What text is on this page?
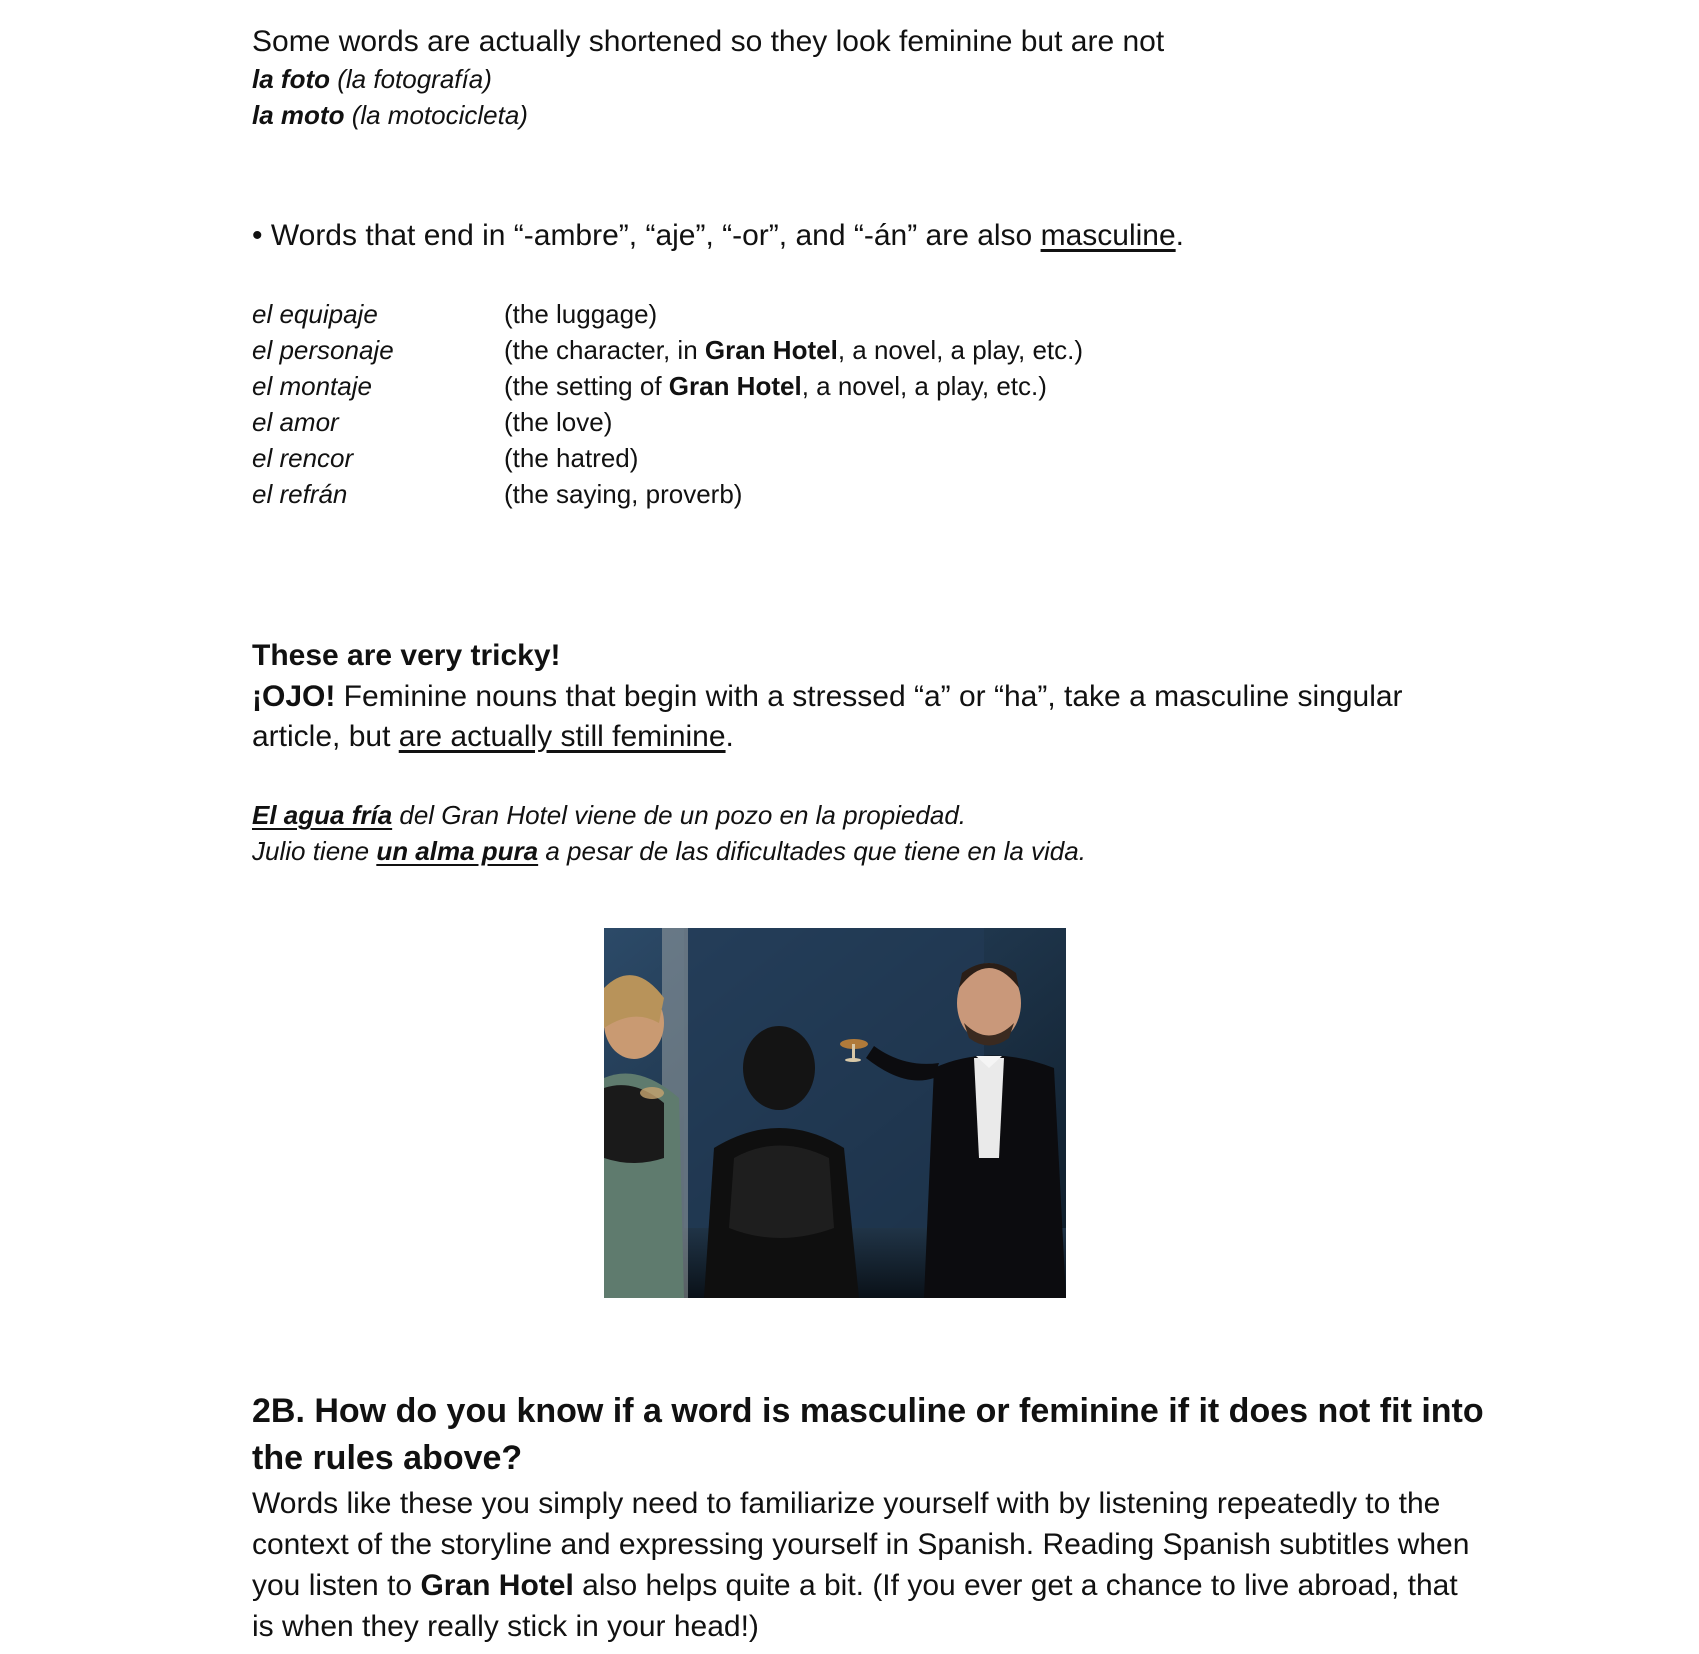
Some words are actually shortened so they look feminine but are not
la foto (la fotografía)
la moto (la motocicleta)
• Words that end in “-ambre”, “aje”, “-or”, and “-án” are also masculine.
el equipaje	(the luggage)
el personaje	(the character, in Gran Hotel, a novel, a play, etc.)
el montaje	(the setting of Gran Hotel, a novel, a play, etc.)
el amor	(the love)
el rencor	(the hatred)
el refrán	(the saying, proverb)
These are very tricky!
¡OJO! Feminine nouns that begin with a stressed “a” or “ha”, take a masculine singular
article, but are actually still feminine.
El agua fría del Gran Hotel viene de un pozo en la propiedad.
Julio tiene un alma pura a pesar de las dificultades que tiene en la vida.
2B. How do you know if a word is masculine or feminine if it does not fit into
the rules above?
Words like these you simply need to familiarize yourself with by listening repeatedly to the
context of the storyline and expressing yourself in Spanish. Reading Spanish subtitles when
you listen to Gran Hotel also helps quite a bit. (If you ever get a chance to live abroad, that
is when they really stick in your head!)
